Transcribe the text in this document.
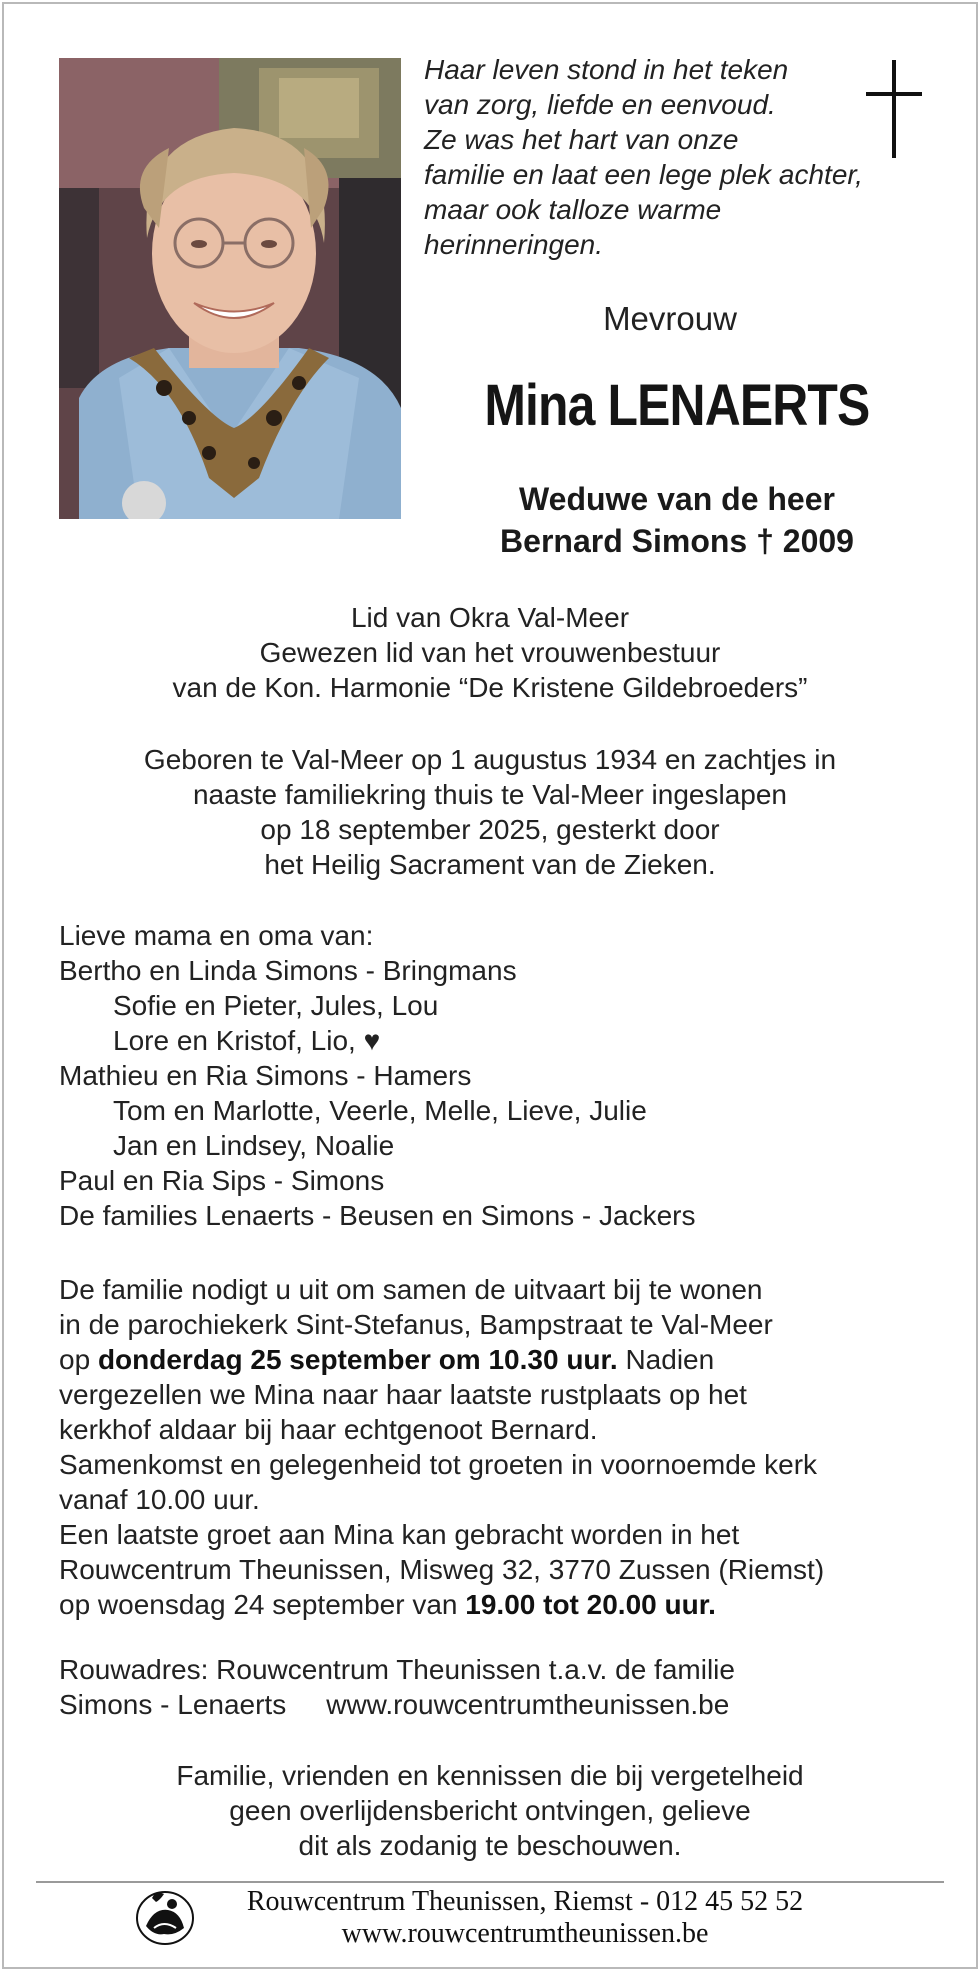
Haar leven stond in het teken
van zorg, liefde en eenvoud.
Ze was het hart van onze
familie en laat een lege plek achter,
maar ook talloze warme
herinneringen.
Mevrouw
Mina LENAERTS
Weduwe van de heer
Bernard Simons † 2009
Lid van Okra Val-Meer
Gewezen lid van het vrouwenbestuur
van de Kon. Harmonie “De Kristene Gildebroeders”
Geboren te Val-Meer op 1 augustus 1934 en zachtjes in
naaste familiekring thuis te Val-Meer ingeslapen
op 18 september 2025, gesterkt door
het Heilig Sacrament van de Zieken.
Lieve mama en oma van:
Bertho en Linda Simons - Bringmans
Sofie en Pieter, Jules, Lou
Lore en Kristof, Lio, ♥
Mathieu en Ria Simons - Hamers
Tom en Marlotte, Veerle, Melle, Lieve, Julie
Jan en Lindsey, Noalie
Paul en Ria Sips - Simons
De families Lenaerts - Beusen en Simons - Jackers
De familie nodigt u uit om samen de uitvaart bij te wonen
in de parochiekerk Sint-Stefanus, Bampstraat te Val-Meer
op donderdag 25 september om 10.30 uur. Nadien
vergezellen we Mina naar haar laatste rustplaats op het
kerkhof aldaar bij haar echtgenoot Bernard.
Samenkomst en gelegenheid tot groeten in voornoemde kerk
vanaf 10.00 uur.
Een laatste groet aan Mina kan gebracht worden in het
Rouwcentrum Theunissen, Misweg 32, 3770 Zussen (Riemst)
op woensdag 24 september van 19.00 tot 20.00 uur.
Rouwadres: Rouwcentrum Theunissen t.a.v. de familie
Simons - Lenaerts www.rouwcentrumtheunissen.be
Familie, vrienden en kennissen die bij vergetelheid
geen overlijdensbericht ontvingen, gelieve
dit als zodanig te beschouwen.
Rouwcentrum Theunissen, Riemst - 012 45 52 52
www.rouwcentrumtheunissen.be
